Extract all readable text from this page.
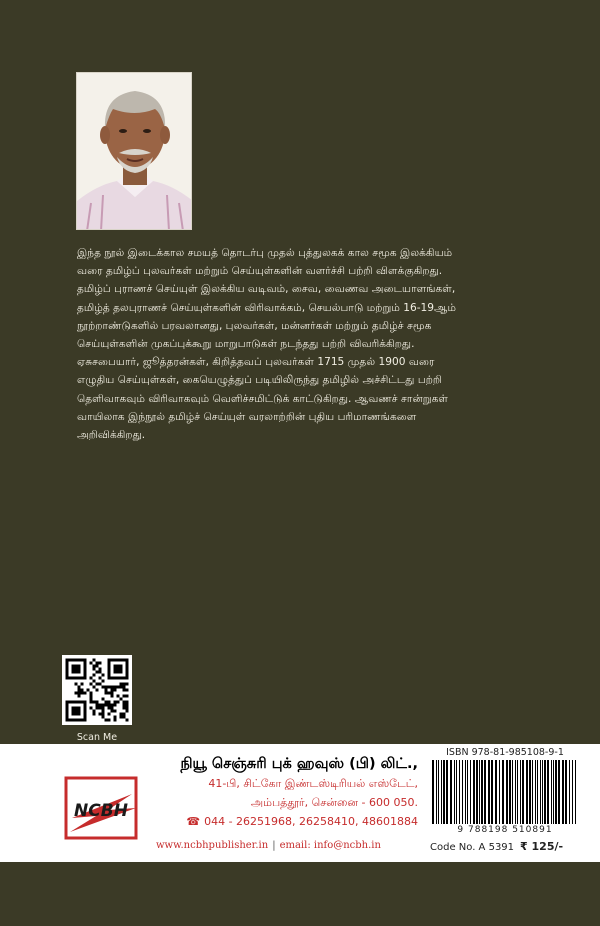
இந்த நூல் இடைக்கால சமயத் தொடர்பு முதல் புத்துலகக் கால சமூக இலக்கியம்

வரை தமிழ்ப் புலவர்கள் மற்றும் செய்யுள்களின் வளர்ச்சி பற்றி விளக்குகிறது.

தமிழ்ப் புராணச் செய்யுள் இலக்கிய வடிவம், சைவ, வைணவ அடையாளங்கள்,

தமிழ்த் தலபுராணச் செய்யுள்களின் விரிவாக்கம், செயல்பாடு மற்றும் 16-19ஆம்

நூற்றாண்டுகளில் பரவலானது, புலவர்கள், மன்னர்கள் மற்றும் தமிழ்ச் சமூக

செய்யுள்களின் முகப்புக்கூறு மாறுபாடுகள் நடந்தது பற்றி விவரிக்கிறது.

ஏசுசபையார், ஜூத்தரன்கள், கிறித்தவப் புலவர்கள் 1715 முதல் 1900 வரை

எழுதிய செய்யுள்கள், கையெழுத்துப் படியிலிருந்து தமிழில் அச்சிட்டது பற்றி

தெளிவாகவும் விரிவாகவும் வெளிச்சமிட்டுக் காட்டுகிறது. ஆவணச் சான்றுகள்

வாயிலாக இந்நூல் தமிழ்ச் செய்யுள் வரலாற்றின் புதிய பரிமாணங்களை

அறிவிக்கிறது.

Scan Me
NCBH
நியூ செஞ்சுரி புக் ஹவுஸ் (பி) லிட்.,
41-பி, சிட்கோ இண்டஸ்டிரியல் எஸ்டேட்,
அம்பத்தூர், சென்னை - 600 050.
☎ 044 - 26251968, 26258410, 48601884
www.ncbhpublisher.in | email: info@ncbh.in
ISBN 978-81-985108-9-1
9 788198 510891
Code No. A 5391 ₹ 125/-
